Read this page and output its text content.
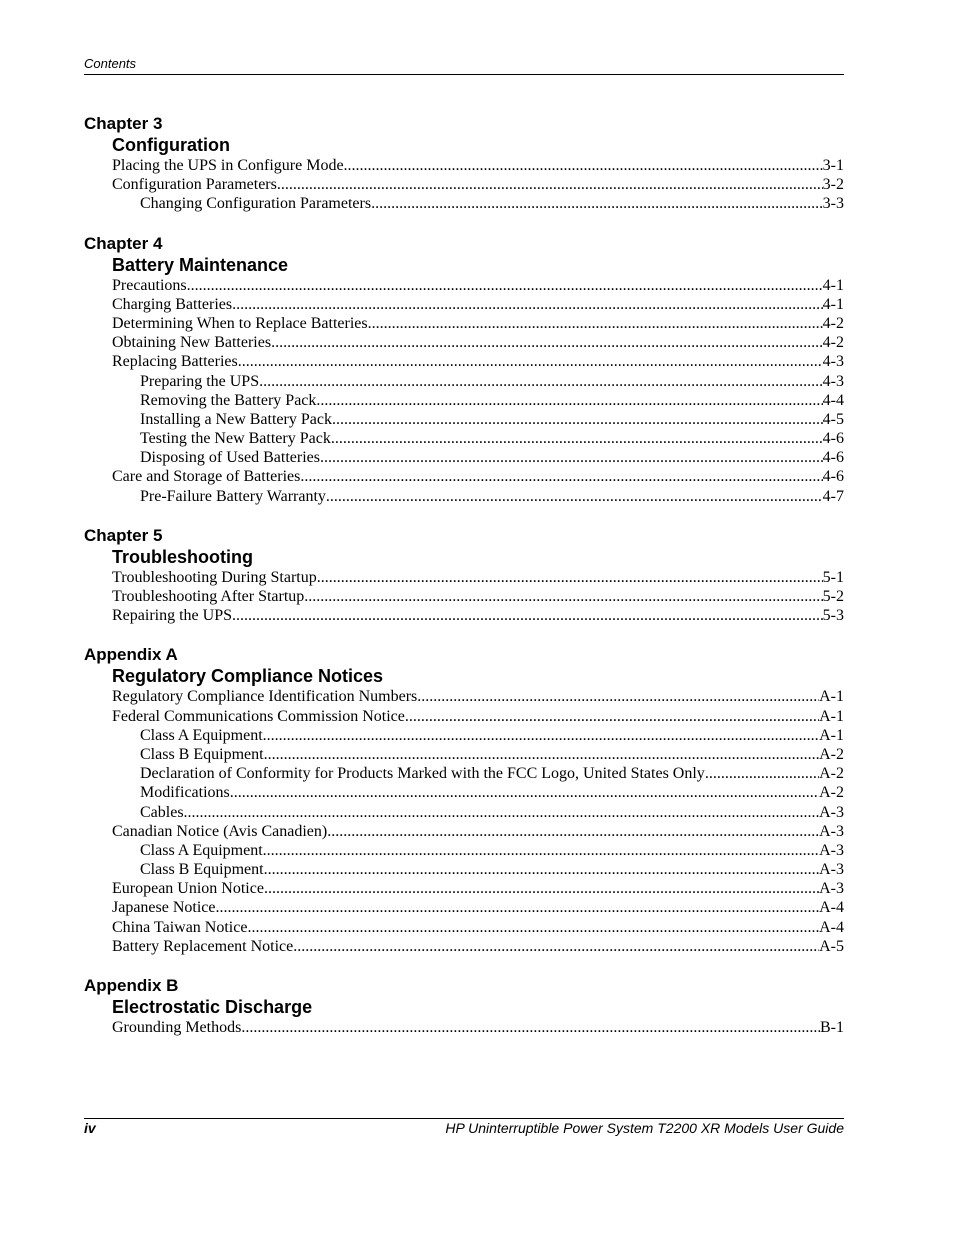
Contents
Chapter 3
Configuration
Placing the UPS in Configure Mode .....	3-1
Configuration Parameters .....	3-2
Changing Configuration Parameters .....	3-3
Chapter 4
Battery Maintenance
Precautions .....	4-1
Charging Batteries .....	4-1
Determining When to Replace Batteries .....	4-2
Obtaining New Batteries .....	4-2
Replacing Batteries .....	4-3
Preparing the UPS .....	4-3
Removing the Battery Pack .....	4-4
Installing a New Battery Pack .....	4-5
Testing the New Battery Pack .....	4-6
Disposing of Used Batteries .....	4-6
Care and Storage of Batteries .....	4-6
Pre-Failure Battery Warranty .....	4-7
Chapter 5
Troubleshooting
Troubleshooting During Startup .....	5-1
Troubleshooting After Startup .....	5-2
Repairing the UPS .....	5-3
Appendix A
Regulatory Compliance Notices
Regulatory Compliance Identification Numbers .....	A-1
Federal Communications Commission Notice .....	A-1
Class A Equipment .....	A-1
Class B Equipment .....	A-2
Declaration of Conformity for Products Marked with the FCC Logo, United States Only .....	A-2
Modifications .....	A-2
Cables .....	A-3
Canadian Notice (Avis Canadien) .....	A-3
Class A Equipment .....	A-3
Class B Equipment .....	A-3
European Union Notice .....	A-3
Japanese Notice .....	A-4
China Taiwan Notice .....	A-4
Battery Replacement Notice .....	A-5
Appendix B
Electrostatic Discharge
Grounding Methods .....	B-1
iv	HP Uninterruptible Power System T2200 XR Models User Guide
